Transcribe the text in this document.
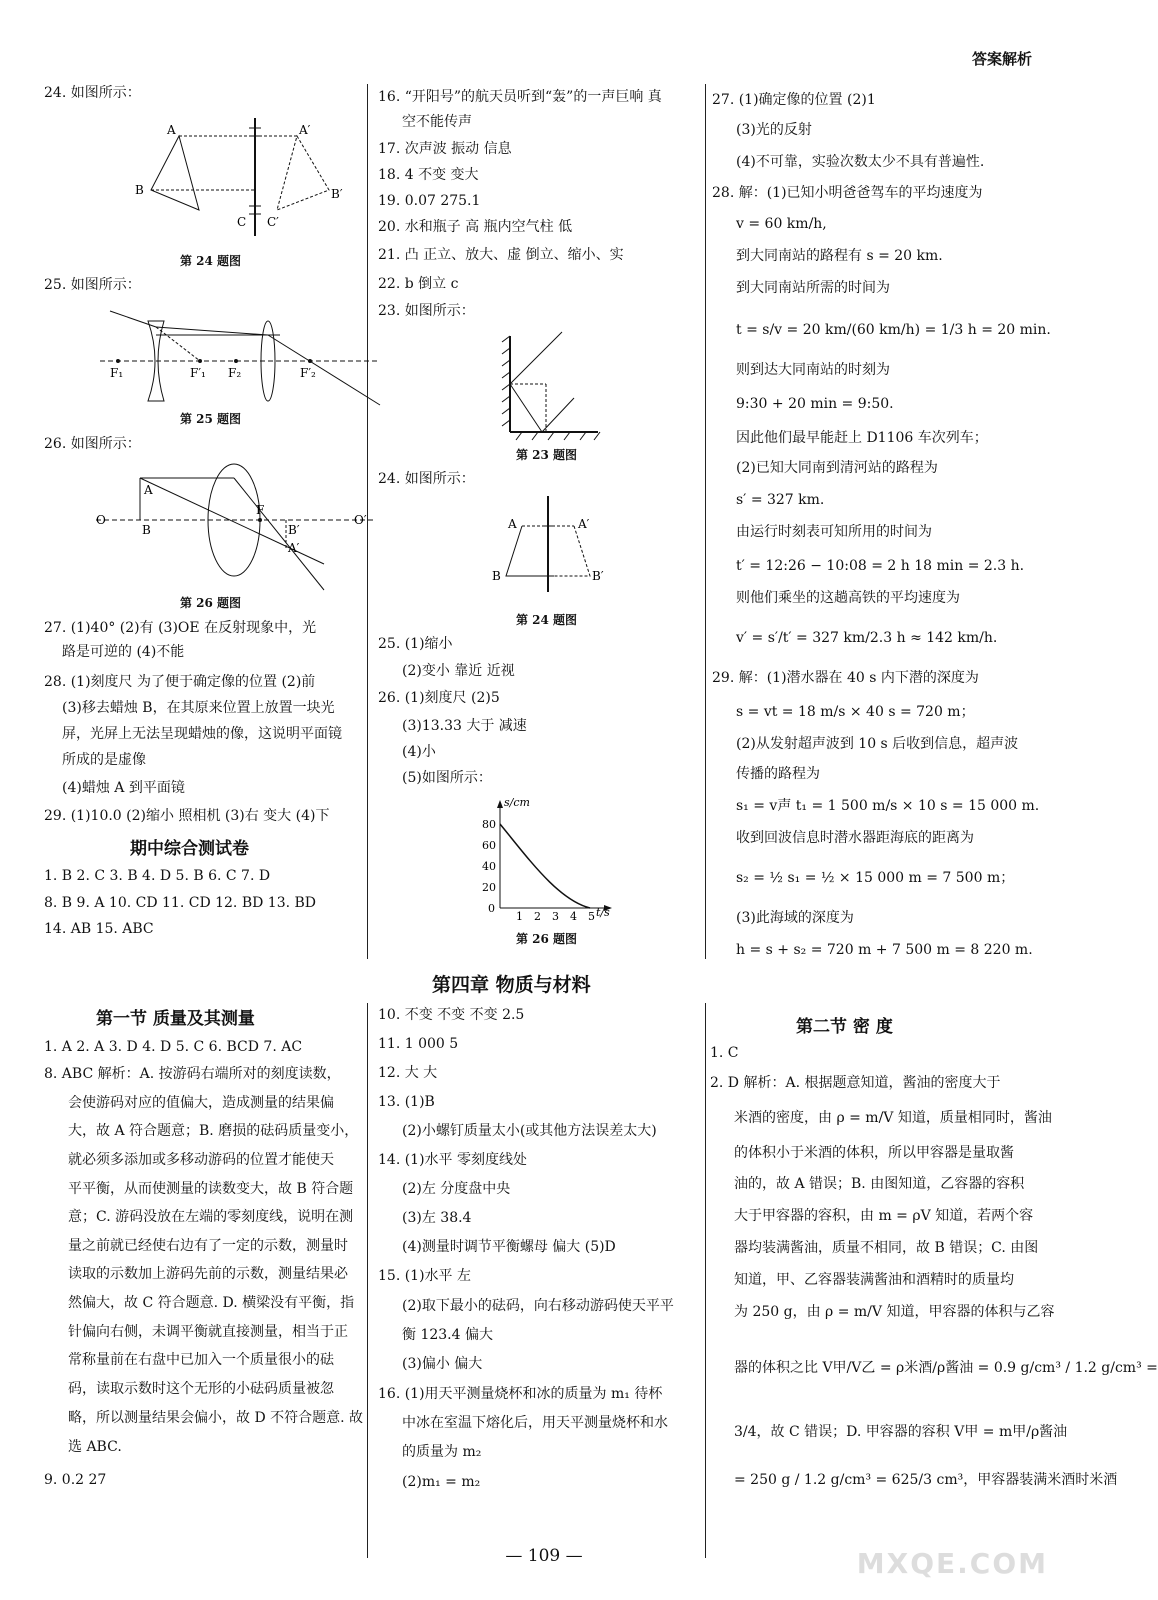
答案解析
24. 如图所示：
A
B
C
A′
B′
C′
第 24 题图
25. 如图所示：
F₁	F′₁ F₂	F′₂
第 25 题图
26. 如图所示：
O
A
B
F
B′
A′
O′
第 26 题图
27. (1)40° (2)有 (3)OE 在反射现象中，光
路是可逆的 (4)不能
28. (1)刻度尺 为了便于确定像的位置 (2)前
(3)移去蜡烛 B，在其原来位置上放置一块光
屏，光屏上无法呈现蜡烛的像，这说明平面镜
所成的是虚像
(4)蜡烛 A 到平面镜
29. (1)10.0 (2)缩小 照相机 (3)右 变大 (4)下
期中综合测试卷
1. B 2. C 3. B 4. D 5. B 6. C 7. D
8. B 9. A 10. CD 11. CD 12. BD 13. BD
14. AB 15. ABC
16. “开阳号”的航天员听到“轰”的一声巨响 真
空不能传声
17. 次声波 振动 信息
18. 4 不变 变大
19. 0.07 275.1
20. 水和瓶子 高 瓶内空气柱 低
21. 凸 正立、放大、虚 倒立、缩小、实
22. b 倒立 c
23. 如图所示：
第 23 题图
24. 如图所示：
A
B
A′
B′
第 24 题图
25. (1)缩小
(2)变小 靠近 近视
26. (1)刻度尺 (2)5
(3)13.33 大于 减速
(4)小
(5)如图所示：
s/cm
t/s
80
60
40
20
0
1 2 3 4 5
第 26 题图
27. (1)确定像的位置 (2)1
(3)光的反射
(4)不可靠，实验次数太少不具有普遍性.
28. 解：(1)已知小明爸爸驾车的平均速度为
v = 60 km/h,
到大同南站的路程有 s = 20 km.
到大同南站所需的时间为
t = s/v = 20 km/(60 km/h) = 1/3 h = 20 min.
则到达大同南站的时刻为
9:30 + 20 min = 9:50.
因此他们最早能赶上 D1106 车次列车；
(2)已知大同南到清河站的路程为
s′ = 327 km.
由运行时刻表可知所用的时间为
t′ = 12:26 − 10:08 = 2 h 18 min = 2.3 h.
则他们乘坐的这趟高铁的平均速度为
v′ = s′/t′ = 327 km/2.3 h ≈ 142 km/h.
29. 解：(1)潜水器在 40 s 内下潜的深度为
s = vt = 18 m/s × 40 s = 720 m；
(2)从发射超声波到 10 s 后收到信息，超声波
传播的路程为
s₁ = v声 t₁ = 1 500 m/s × 10 s = 15 000 m.
收到回波信息时潜水器距海底的距离为
s₂ = ½ s₁ = ½ × 15 000 m = 7 500 m；
(3)此海域的深度为
h = s + s₂ = 720 m + 7 500 m = 8 220 m.
第四章 物质与材料
第一节 质量及其测量
1. A 2. A 3. D 4. D 5. C 6. BCD 7. AC
8. ABC 解析：A. 按游码右端所对的刻度读数，
会使游码对应的值偏大，造成测量的结果偏
大，故 A 符合题意；B. 磨损的砝码质量变小，
就必须多添加或多移动游码的位置才能使天
平平衡，从而使测量的读数变大，故 B 符合题
意；C. 游码没放在左端的零刻度线，说明在测
量之前就已经使右边有了一定的示数，测量时
读取的示数加上游码先前的示数，测量结果必
然偏大，故 C 符合题意. D. 横梁没有平衡，指
针偏向右侧，未调平衡就直接测量，相当于正
常称量前在右盘中已加入一个质量很小的砝
码，读取示数时这个无形的小砝码质量被忽
略，所以测量结果会偏小，故 D 不符合题意. 故
选 ABC.
9. 0.2 27
10. 不变 不变 不变 2.5
11. 1 000 5
12. 大 大
13. (1)B
(2)小螺钉质量太小(或其他方法误差太大)
14. (1)水平 零刻度线处
(2)左 分度盘中央
(3)左 38.4
(4)测量时调节平衡螺母 偏大 (5)D
15. (1)水平 左
(2)取下最小的砝码，向右移动游码使天平平
衡 123.4 偏大
(3)偏小 偏大
16. (1)用天平测量烧杯和冰的质量为 m₁ 待杯
中冰在室温下熔化后，用天平测量烧杯和水
的质量为 m₂
(2)m₁ = m₂
第二节 密 度
1. C
2. D 解析：A. 根据题意知道，酱油的密度大于
米酒的密度，由 ρ = m/V 知道，质量相同时，酱油
的体积小于米酒的体积，所以甲容器是量取酱
油的，故 A 错误；B. 由图知道，乙容器的容积
大于甲容器的容积，由 m = ρV 知道，若两个容
器均装满酱油，质量不相同，故 B 错误；C. 由图
知道，甲、乙容器装满酱油和酒精时的质量均
为 250 g，由 ρ = m/V 知道，甲容器的体积与乙容
器的体积之比 V甲/V乙 = ρ米酒/ρ酱油 = 0.9 g/cm³ / 1.2 g/cm³ =
3/4，故 C 错误；D. 甲容器的容积 V甲 = m甲/ρ酱油
= 250 g / 1.2 g/cm³ = 625/3 cm³，甲容器装满米酒时米酒
— 109 —	MXQE.COM
